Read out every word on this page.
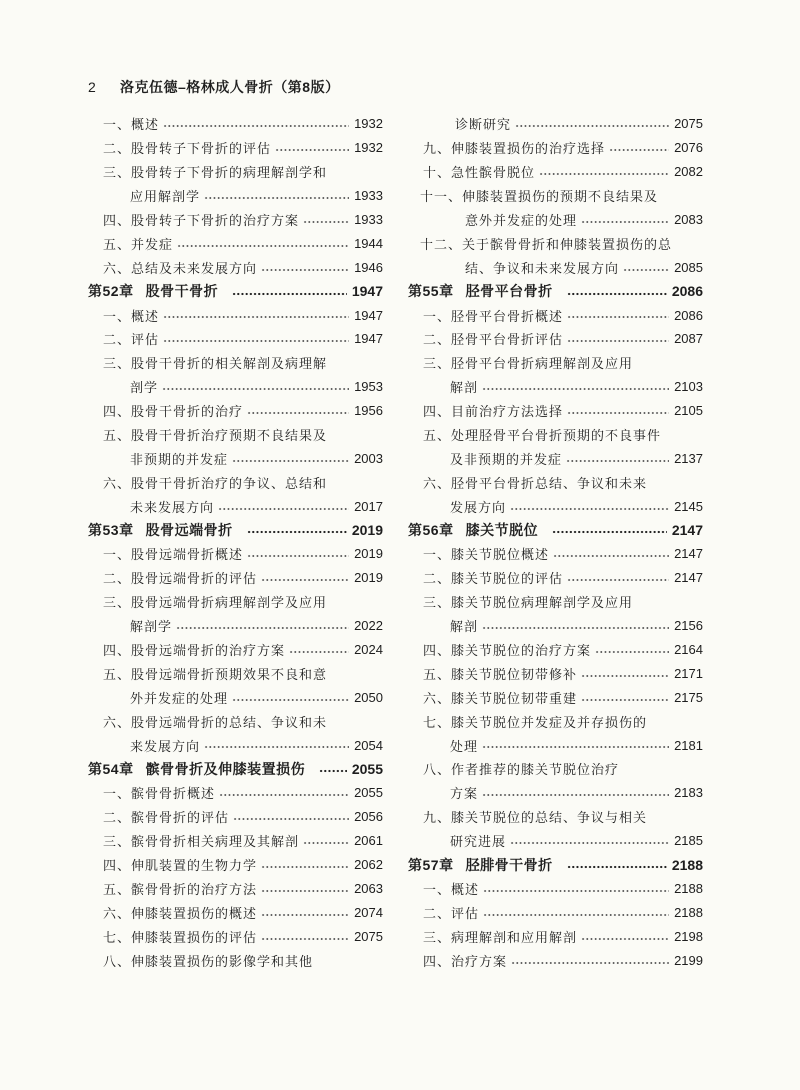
2	洛克伍德–格林成人骨折（第8版）
一、概述	1932
二、股骨转子下骨折的评估	1932
三、股骨转子下骨折的病理解剖学和
应用解剖学	1933
四、股骨转子下骨折的治疗方案	1933
五、并发症	1944
六、总结及未来发展方向	1946
第52章 股骨干骨折	1947
一、概述	1947
二、评估	1947
三、股骨干骨折的相关解剖及病理解
剖学	1953
四、股骨干骨折的治疗	1956
五、股骨干骨折治疗预期不良结果及
非预期的并发症	2003
六、股骨干骨折治疗的争议、总结和
未来发展方向	2017
第53章 股骨远端骨折	2019
一、股骨远端骨折概述	2019
二、股骨远端骨折的评估	2019
三、股骨远端骨折病理解剖学及应用
解剖学	2022
四、股骨远端骨折的治疗方案	2024
五、股骨远端骨折预期效果不良和意
外并发症的处理	2050
六、股骨远端骨折的总结、争议和未
来发展方向	2054
第54章 髌骨骨折及伸膝装置损伤	2055
一、髌骨骨折概述	2055
二、髌骨骨折的评估	2056
三、髌骨骨折相关病理及其解剖	2061
四、伸肌装置的生物力学	2062
五、髌骨骨折的治疗方法	2063
六、伸膝装置损伤的概述	2074
七、伸膝装置损伤的评估	2075
八、伸膝装置损伤的影像学和其他
诊断研究	2075
九、伸膝装置损伤的治疗选择	2076
十、急性髌骨脱位	2082
十一、伸膝装置损伤的预期不良结果及
意外并发症的处理	2083
十二、关于髌骨骨折和伸膝装置损伤的总
结、争议和未来发展方向	2085
第55章 胫骨平台骨折	2086
一、胫骨平台骨折概述	2086
二、胫骨平台骨折评估	2087
三、胫骨平台骨折病理解剖及应用
解剖	2103
四、目前治疗方法选择	2105
五、处理胫骨平台骨折预期的不良事件
及非预期的并发症	2137
六、胫骨平台骨折总结、争议和未来
发展方向	2145
第56章 膝关节脱位	2147
一、膝关节脱位概述	2147
二、膝关节脱位的评估	2147
三、膝关节脱位病理解剖学及应用
解剖	2156
四、膝关节脱位的治疗方案	2164
五、膝关节脱位韧带修补	2171
六、膝关节脱位韧带重建	2175
七、膝关节脱位并发症及并存损伤的
处理	2181
八、作者推荐的膝关节脱位治疗
方案	2183
九、膝关节脱位的总结、争议与相关
研究进展	2185
第57章 胫腓骨干骨折	2188
一、概述	2188
二、评估	2188
三、病理解剖和应用解剖	2198
四、治疗方案	2199
